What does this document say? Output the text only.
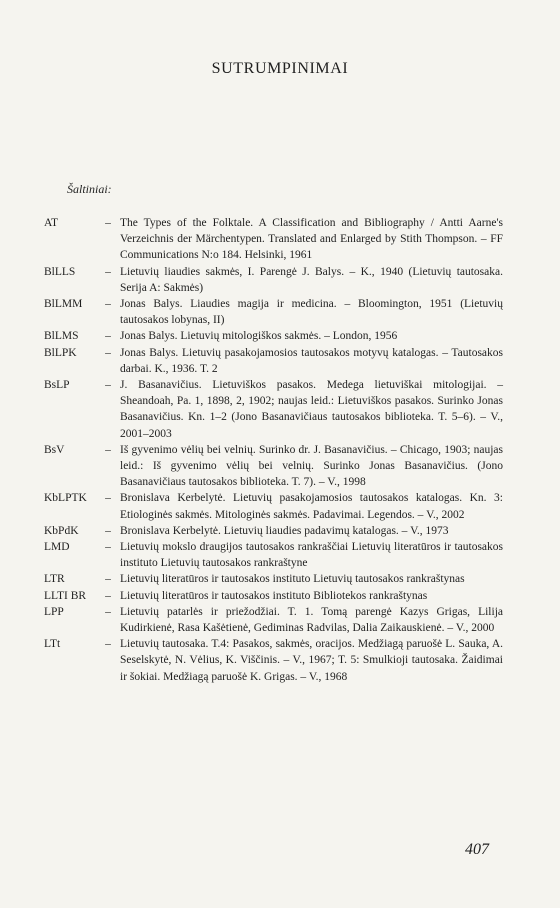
SUTRUMPINIMAI
Šaltiniai:
AT	– The Types of the Folktale. A Classification and Bibliography / Antti Aarne's Verzeichnis der Märchentypen. Translated and Enlarged by Stith Thompson. – FF Communications N:o 184. Helsinki, 1961
BlLLS	– Lietuvių liaudies sakmės, I. Parengė J. Balys. – K., 1940 (Lietuvių tautosaka. Serija A: Sakmės)
BlLMM	– Jonas Balys. Liaudies magija ir medicina. – Bloomington, 1951 (Lietuvių tautosakos lobynas, II)
BlLMS	– Jonas Balys. Lietuvių mitologiškos sakmės. – London, 1956
BlLPK	– Jonas Balys. Lietuvių pasakojamosios tautosakos motyvų katalogas. – Tautosakos darbai. K., 1936. T. 2
BsLP	– J. Basanavičius. Lietuviškos pasakos. Medega lietuviškai mitologijai. – Sheandoah, Pa. 1, 1898, 2, 1902; naujas leid.: Lietuviškos pasakos. Surinko Jonas Basanavičius. Kn. 1–2 (Jono Basanavičiaus tautosakos biblioteka. T. 5–6). – V., 2001–2003
BsV	– Iš gyvenimo vėlių bei velnių. Surinko dr. J. Basanavičius. – Chicago, 1903; naujas leid.: Iš gyvenimo vėlių bei velnių. Surinko Jonas Basanavičius. (Jono Basanavičiaus tautosakos biblioteka. T. 7). – V., 1998
KbLPTK	– Bronislava Kerbelytė. Lietuvių pasakojamosios tautosakos katalogas. Kn. 3: Etiologinės sakmės. Mitologinės sakmės. Padavimai. Legendos. – V., 2002
KbPdK	– Bronislava Kerbelytė. Lietuvių liaudies padavimų katalogas. – V., 1973
LMD	– Lietuvių mokslo draugijos tautosakos rankraščiai Lietuvių literatūros ir tautosakos instituto Lietuvių tautosakos rankraštyne
LTR	– Lietuvių literatūros ir tautosakos instituto Lietuvių tautosakos rankraštynas
LLTI BR	– Lietuvių literatūros ir tautosakos instituto Bibliotekos rankraštynas
LPP	– Lietuvių patarlės ir priežodžiai. T. 1. Tomą parengė Kazys Grigas, Lilija Kudirkienė, Rasa Kašėtienė, Gediminas Radvilas, Dalia Zaikauskienė. – V., 2000
LTt	– Lietuvių tautosaka. T.4: Pasakos, sakmės, oracijos. Medžiagą paruošė L. Sauka, A. Seselskytė, N. Vėlius, K. Viščinis. – V., 1967; T. 5: Smulkioji tautosaka. Žaidimai ir šokiai. Medžiagą paruošė K. Grigas. – V., 1968
407
